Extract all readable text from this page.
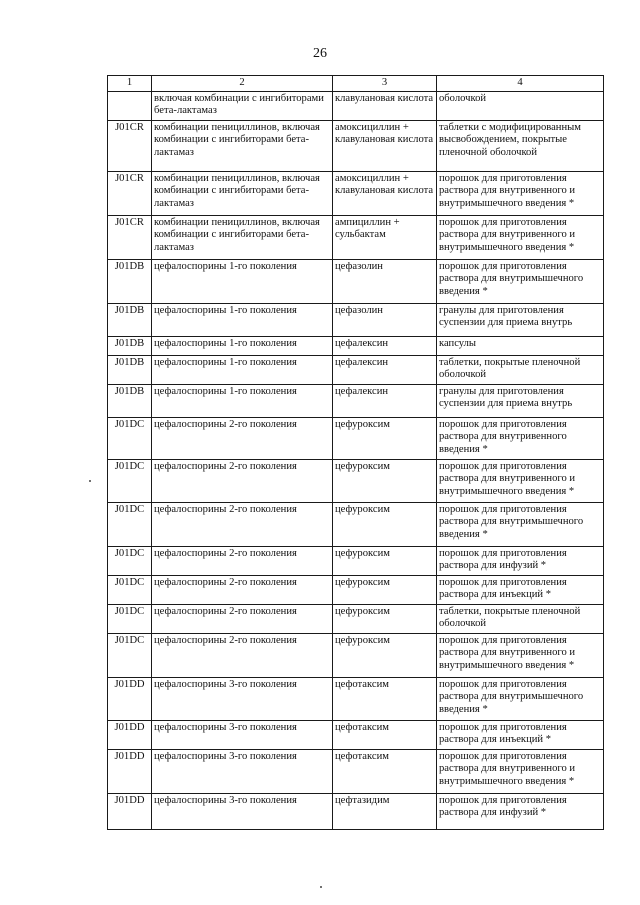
26
1	2	3	4
	включая комбинации с ингибиторами бета-лактамаз	клавулановая кислота	оболочкой
J01CR	комбинации пенициллинов, включая комбинации с ингибиторами бета-лактамаз	амоксициллин + клавулановая кислота	таблетки с модифицированным высвобождением, покрытые пленочной оболочкой
J01CR	комбинации пенициллинов, включая комбинации с ингибиторами бета-лактамаз	амоксициллин + клавулановая кислота	порошок для приготовления раствора для внутривенного и внутримышечного введения *
J01CR	комбинации пенициллинов, включая комбинации с ингибиторами бета-лактамаз	ампициллин + сульбактам	порошок для приготовления раствора для внутривенного и внутримышечного введения *
J01DB	цефалоспорины 1-го поколения	цефазолин	порошок для приготовления раствора для внутримышечного введения *
J01DB	цефалоспорины 1-го поколения	цефазолин	гранулы для приготовления суспензии для приема внутрь
J01DB	цефалоспорины 1-го поколения	цефалексин	капсулы
J01DB	цефалоспорины 1-го поколения	цефалексин	таблетки, покрытые пленочной оболочкой
J01DB	цефалоспорины 1-го поколения	цефалексин	гранулы для приготовления суспензии для приема внутрь
J01DC	цефалоспорины 2-го поколения	цефуроксим	порошок для приготовления раствора для внутривенного введения *
J01DC	цефалоспорины 2-го поколения	цефуроксим	порошок для приготовления раствора для внутривенного и внутримышечного введения *
J01DC	цефалоспорины 2-го поколения	цефуроксим	порошок для приготовления раствора для внутримышечного введения *
J01DC	цефалоспорины 2-го поколения	цефуроксим	порошок для приготовления раствора для инфузий *
J01DC	цефалоспорины 2-го поколения	цефуроксим	порошок для приготовления раствора для инъекций *
J01DC	цефалоспорины 2-го поколения	цефуроксим	таблетки, покрытые пленочной оболочкой
J01DC	цефалоспорины 2-го поколения	цефуроксим	порошок для приготовления раствора для внутривенного и внутримышечного введения *
J01DD	цефалоспорины 3-го поколения	цефотаксим	порошок для приготовления раствора для внутримышечного введения *
J01DD	цефалоспорины 3-го поколения	цефотаксим	порошок для приготовления раствора для инъекций *
J01DD	цефалоспорины 3-го поколения	цефотаксим	порошок для приготовления раствора для внутривенного и внутримышечного введения *
J01DD	цефалоспорины 3-го поколения	цефтазидим	порошок для приготовления раствора для инфузий *
